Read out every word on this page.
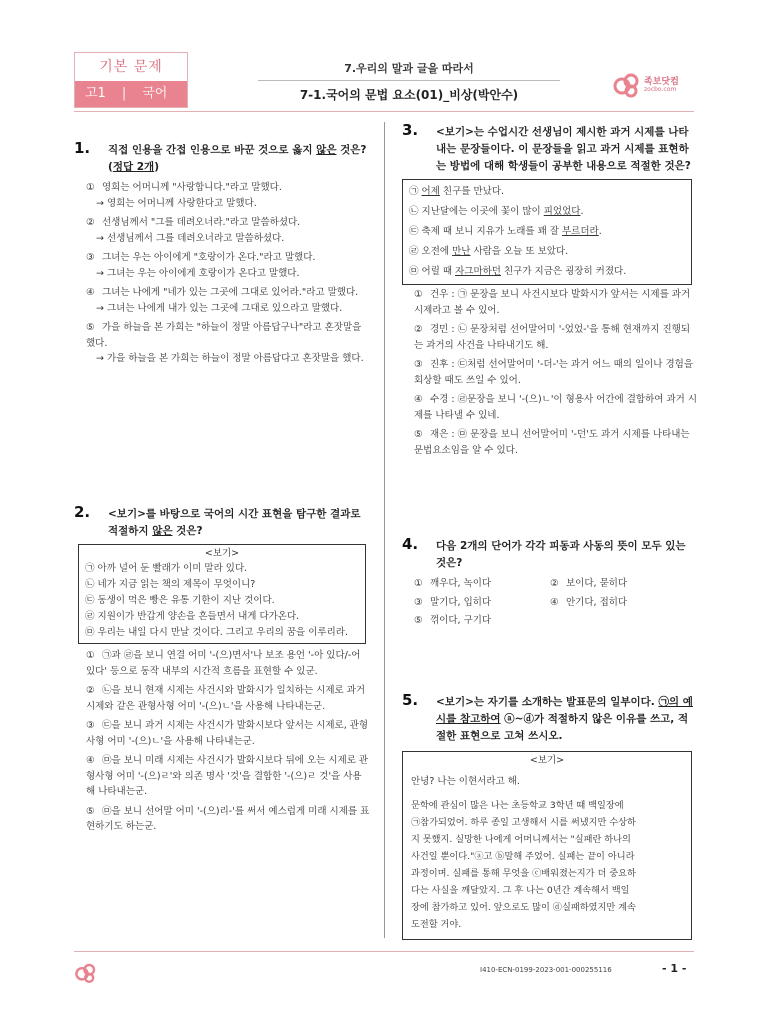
기본 문제
고1 | 국어
7.우리의 말과 글을 따라서
7-1.국어의 문법 요소(01)_비상(박안수)
족보닷컴
zocbo.com
1.	직접 인용을 간접 인용으로 바꾼 것으로 옳지 않은 것은? (정답 2개)
① 영희는 어머니께 "사랑합니다."라고 말했다.
→ 영희는 어머니께 사랑한다고 말했다.
② 선생님께서 "그를 데려오너라."라고 말씀하셨다.
→ 선생님께서 그를 데려오너라고 말씀하셨다.
③ 그녀는 우는 아이에게 "호랑이가 온다."라고 말했다.
→ 그녀는 우는 아이에게 호랑이가 온다고 말했다.
④ 그녀는 나에게 "네가 있는 그곳에 그대로 있어라."라고 말했다.
→ 그녀는 나에게 내가 있는 그곳에 그대로 있으라고 말했다.
⑤ 가을 하늘을 본 가희는 "하늘이 정말 아름답구나"라고 혼잣말을 했다.
→ 가을 하늘을 본 가희는 하늘이 정말 아름답다고 혼잣말을 했다.
2.	<보기>를 바탕으로 국어의 시간 표현을 탐구한 결과로 적절하지 않은 것은?
<보기>
㉠ 아까 널어 둔 빨래가 이미 말라 있다.
㉡ 네가 지금 읽는 책의 제목이 무엇이니?
㉢ 동생이 먹은 빵은 유통 기한이 지난 것이다.
㉣ 지원이가 반갑게 양손을 흔들면서 내게 다가온다.
㉤ 우리는 내일 다시 만날 것이다. 그리고 우리의 꿈을 이루리라.
① ㉠과 ㉣을 보니 연결 어미 '-(으)면서'나 보조 용언 '-아 있다/-어 있다' 등으로 동작 내부의 시간적 흐름을 표현할 수 있군.
② ㉡을 보니 현재 시제는 사건시와 발화시가 일치하는 시제로 과거 시제와 같은 관형사형 어미 '-(으)ㄴ'을 사용해 나타내는군.
③ ㉢을 보니 과거 시제는 사건시가 발화시보다 앞서는 시제로, 관형사형 어미 '-(으)ㄴ'을 사용해 나타내는군.
④ ㉤을 보니 미래 시제는 사건시가 발화시보다 뒤에 오는 시제로 관형사형 어미 '-(으)ㄹ'와 의존 명사 '것'을 결합한 '-(으)ㄹ 것'을 사용해 나타내는군.
⑤ ㉤을 보니 선어말 어미 '-(으)리-'를 써서 예스럽게 미래 시제를 표현하기도 하는군.
3.	<보기>는 수업시간 선생님이 제시한 과거 시제를 나타내는 문장들이다. 이 문장들을 읽고 과거 시제를 표현하는 방법에 대해 학생들이 공부한 내용으로 적절한 것은?
㉠ 어제 친구를 만났다.
㉡ 지난달에는 이곳에 꽃이 많이 피었었다.
㉢ 축제 때 보니 지유가 노래를 꽤 잘 부르더라.
㉣ 오전에 만난 사람을 오늘 또 보았다.
㉤ 어릴 때 자그마하던 친구가 지금은 굉장히 커졌다.
① 건우 : ㉠ 문장을 보니 사건시보다 발화시가 앞서는 시제를 과거시제라고 볼 수 있어.
② 경민 : ㉡ 문장처럼 선어말어미 '-었었-'을 통해 현재까지 진행되는 과거의 사건을 나타내기도 해.
③ 진후 : ㉢처럼 선어말어미 '-더-'는 과거 어느 때의 일이나 경험을 회상할 때도 쓰일 수 있어.
④ 수경 : ㉣문장을 보니 '-(으)ㄴ'이 형용사 어간에 결합하여 과거 시제를 나타낼 수 있네.
⑤ 재은 : ㉤ 문장을 보니 선어말어미 '-던'도 과거 시제를 나타내는 문법요소임을 알 수 있다.
4.	다음 2개의 단어가 각각 피동과 사동의 뜻이 모두 있는 것은?
① 깨우다, 녹이다	② 보이다, 묻히다
③ 말기다, 입히다	④ 안기다, 접히다
⑤ 꺾이다, 구기다
5.	<보기>는 자기를 소개하는 발표문의 일부이다. ㉠의 예시를 참고하여 ⓐ~ⓓ가 적절하지 않은 이유를 쓰고, 적절한 표현으로 고쳐 쓰시오.
<보기>
안녕? 나는 이현서라고 해.
문학에 관심이 많은 나는 초등학교 3학년 때 백일장에
㉠참가되었어. 하루 종일 고생해서 시를 써냈지만 수상하
지 못했지. 실망한 나에게 어머니께서는 "실패란 하나의
사건일 뿐이다."ⓐ고 ⓑ말해 주었어. 실패는 끝이 아니라
과정이며. 실패를 통해 무엇을 ⓒ배워졌는지가 더 중요하
다는 사실을 깨달았지. 그 후 나는 0년간 계속해서 백일
장에 참가하고 있어. 앞으로도 많이 ⓓ실패하였지만 계속
도전할 거야.
I410-ECN-0199-2023-001-000255116	- 1 -
